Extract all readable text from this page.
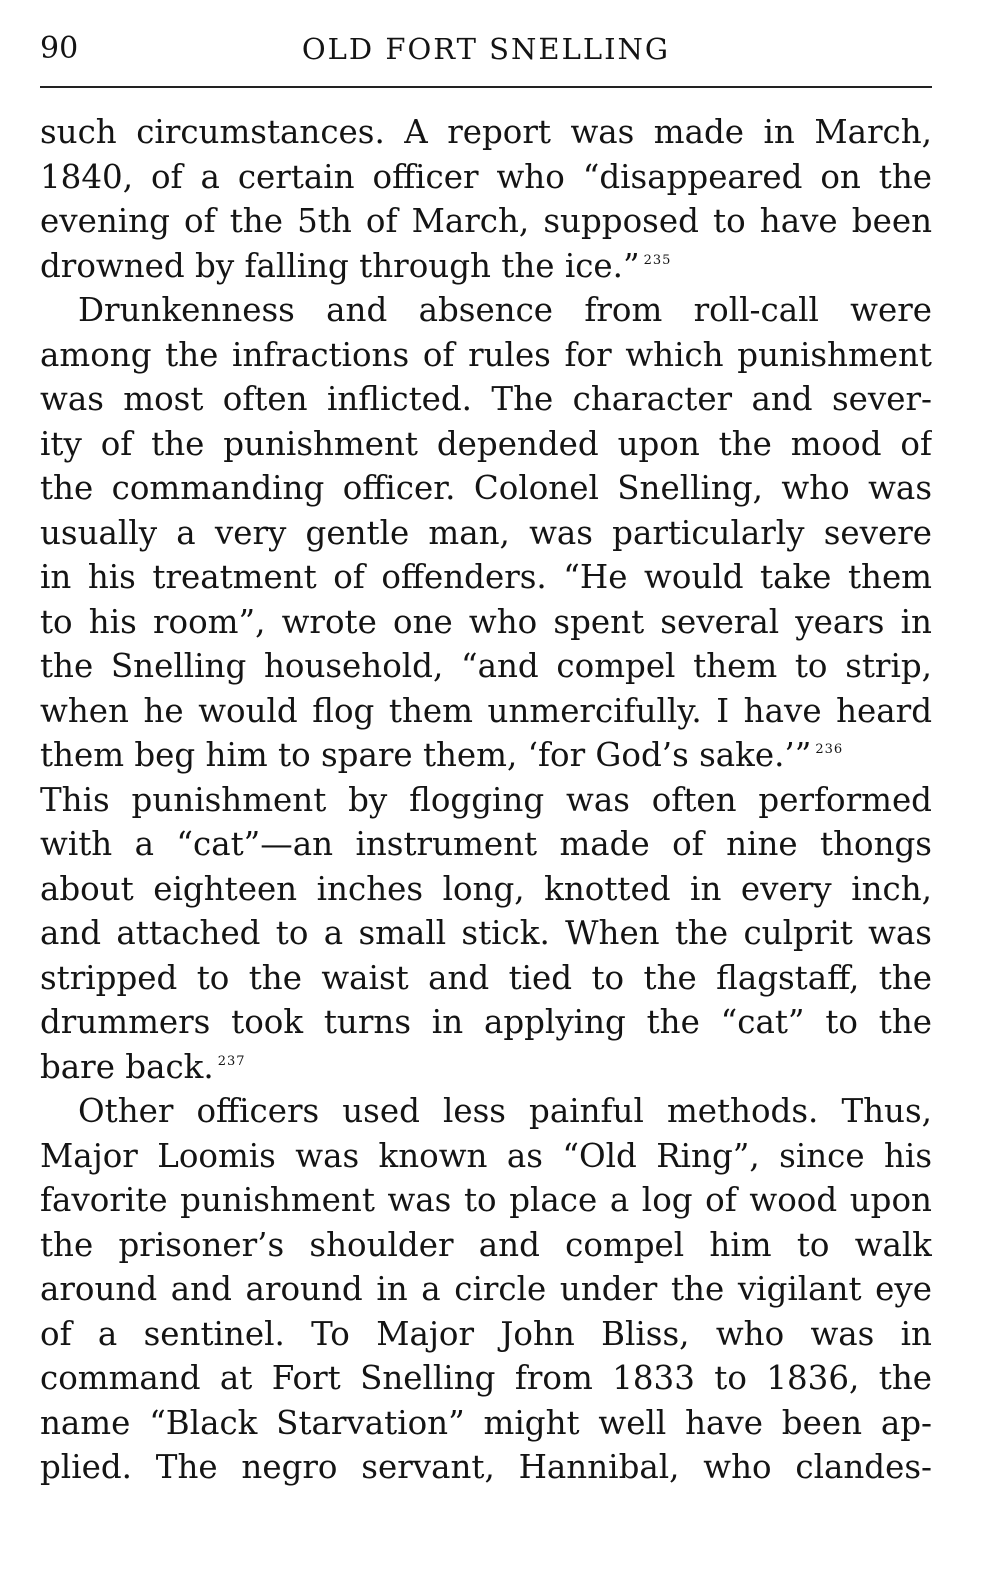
90	OLD FORT SNELLING
such circumstances. A report was made in March,
1840, of a certain officer who “disappeared on the
evening of the 5th of March, supposed to have been
drowned by falling through the ice.” $^{235}$
Drunkenness and absence from roll-call were
among the infractions of rules for which punishment
was most often inflicted. The character and sever-
ity of the punishment depended upon the mood of
the commanding officer. Colonel Snelling, who was
usually a very gentle man, was particularly severe
in his treatment of offenders. “He would take them
to his room”, wrote one who spent several years in
the Snelling household, “and compel them to strip,
when he would flog them unmercifully. I have heard
them beg him to spare them, ‘for God’s sake.’” $^{236}$
This punishment by flogging was often performed
with a “cat”—an instrument made of nine thongs
about eighteen inches long, knotted in every inch,
and attached to a small stick. When the culprit was
stripped to the waist and tied to the flagstaff, the
drummers took turns in applying the “cat” to the
bare back. $^{237}$
Other officers used less painful methods. Thus,
Major Loomis was known as “Old Ring”, since his
favorite punishment was to place a log of wood upon
the prisoner’s shoulder and compel him to walk
around and around in a circle under the vigilant eye
of a sentinel. To Major John Bliss, who was in
command at Fort Snelling from 1833 to 1836, the
name “Black Starvation” might well have been ap-
plied. The negro servant, Hannibal, who clandes-
